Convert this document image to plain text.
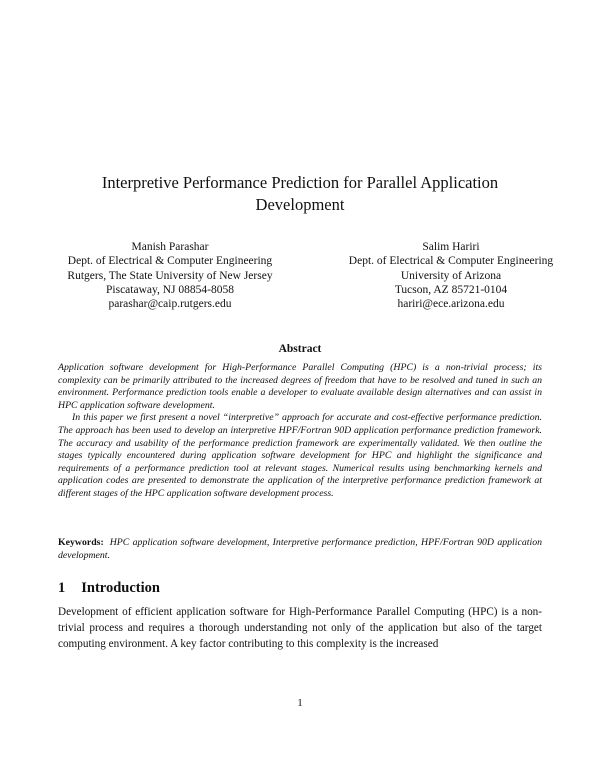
Interpretive Performance Prediction for Parallel Application Development
Manish Parashar
Dept. of Electrical & Computer Engineering
Rutgers, The State University of New Jersey
Piscataway, NJ 08854-8058
parashar@caip.rutgers.edu
Salim Hariri
Dept. of Electrical & Computer Engineering
University of Arizona
Tucson, AZ 85721-0104
hariri@ece.arizona.edu
Abstract

Application software development for High-Performance Parallel Computing (HPC) is a non-trivial process; its complexity can be primarily attributed to the increased degrees of freedom that have to be resolved and tuned in such an environment. Performance prediction tools enable a developer to evaluate available design alternatives and can assist in HPC application software development.

In this paper we first present a novel “interpretive” approach for accurate and cost-effective performance prediction. The approach has been used to develop an interpretive HPF/Fortran 90D application performance prediction framework. The accuracy and usability of the performance prediction framework are experimentally validated. We then outline the stages typically encountered during application software development for HPC and highlight the significance and requirements of a performance prediction tool at relevant stages. Numerical results using benchmarking kernels and application codes are presented to demonstrate the application of the interpretive performance prediction framework at different stages of the HPC application software development process.

Keywords: HPC application software development, Interpretive performance prediction, HPF/Fortran 90D application development.
1 Introduction

Development of efficient application software for High-Performance Parallel Computing (HPC) is a non-trivial process and requires a thorough understanding not only of the application but also of the target computing environment. A key factor contributing to this complexity is the increased

1
